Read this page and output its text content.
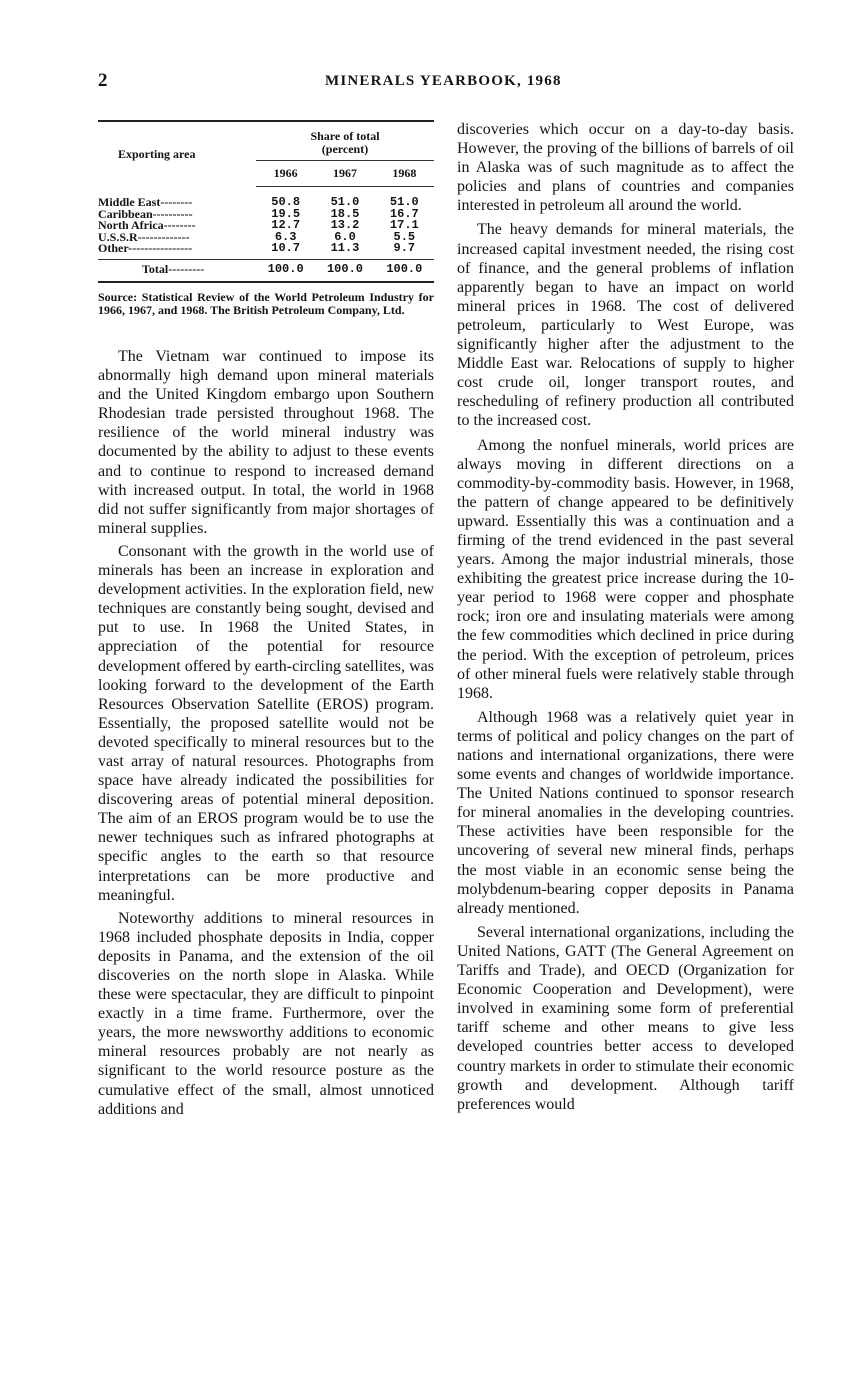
2	MINERALS YEARBOOK, 1968
Exporting area	Share of total
(percent)		
	1966	1967	1968

Middle East--------	50.8	51.0	51.0
Caribbean----------	19.5	18.5	16.7
North Africa--------	12.7	13.2	17.1
U.S.S.R-------------	6.3	6.0	5.5
Other----------------	10.7	11.3	9.7

Total---------	100.0	100.0	100.0
Source: Statistical Review of the World Petroleum Industry for 1966, 1967, and 1968. The British Petroleum Company, Ltd.

The Vietnam war continued to impose its abnormally high demand upon mineral materials and the United Kingdom embargo upon Southern Rhodesian trade persisted throughout 1968. The resilience of the world mineral industry was documented by the ability to adjust to these events and to continue to respond to increased demand with increased output. In total, the world in 1968 did not suffer significantly from major shortages of mineral supplies.

Consonant with the growth in the world use of minerals has been an increase in exploration and development activities. In the exploration field, new techniques are constantly being sought, devised and put to use. In 1968 the United States, in appreciation of the potential for resource development offered by earth-circling satellites, was looking forward to the development of the Earth Resources Observation Satellite (EROS) program. Essentially, the proposed satellite would not be devoted specifically to mineral resources but to the vast array of natural resources. Photographs from space have already indicated the possibilities for discovering areas of potential mineral deposition. The aim of an EROS program would be to use the newer techniques such as infrared photographs at specific angles to the earth so that resource interpretations can be more productive and meaningful.

Noteworthy additions to mineral resources in 1968 included phosphate deposits in India, copper deposits in Panama, and the extension of the oil discoveries on the north slope in Alaska. While these were spectacular, they are difficult to pinpoint exactly in a time frame. Furthermore, over the years, the more newsworthy additions to economic mineral resources probably are not nearly as significant to the world resource posture as the cumulative effect of the small, almost unnoticed additions and

discoveries which occur on a day-to-day basis. However, the proving of the billions of barrels of oil in Alaska was of such magnitude as to affect the policies and plans of countries and companies interested in petroleum all around the world.

The heavy demands for mineral materials, the increased capital investment needed, the rising cost of finance, and the general problems of inflation apparently began to have an impact on world mineral prices in 1968. The cost of delivered petroleum, particularly to West Europe, was significantly higher after the adjustment to the Middle East war. Relocations of supply to higher cost crude oil, longer transport routes, and rescheduling of refinery production all contributed to the increased cost.

Among the nonfuel minerals, world prices are always moving in different directions on a commodity-by-commodity basis. However, in 1968, the pattern of change appeared to be definitively upward. Essentially this was a continuation and a firming of the trend evidenced in the past several years. Among the major industrial minerals, those exhibiting the greatest price increase during the 10-year period to 1968 were copper and phosphate rock; iron ore and insulating materials were among the few commodities which declined in price during the period. With the exception of petroleum, prices of other mineral fuels were relatively stable through 1968.

Although 1968 was a relatively quiet year in terms of political and policy changes on the part of nations and international organizations, there were some events and changes of worldwide importance. The United Nations continued to sponsor research for mineral anomalies in the developing countries. These activities have been responsible for the uncovering of several new mineral finds, perhaps the most viable in an economic sense being the molybdenum-bearing copper deposits in Panama already mentioned.

Several international organizations, including the United Nations, GATT (The General Agreement on Tariffs and Trade), and OECD (Organization for Economic Cooperation and Development), were involved in examining some form of preferential tariff scheme and other means to give less developed countries better access to developed country markets in order to stimulate their economic growth and development. Although tariff preferences would
